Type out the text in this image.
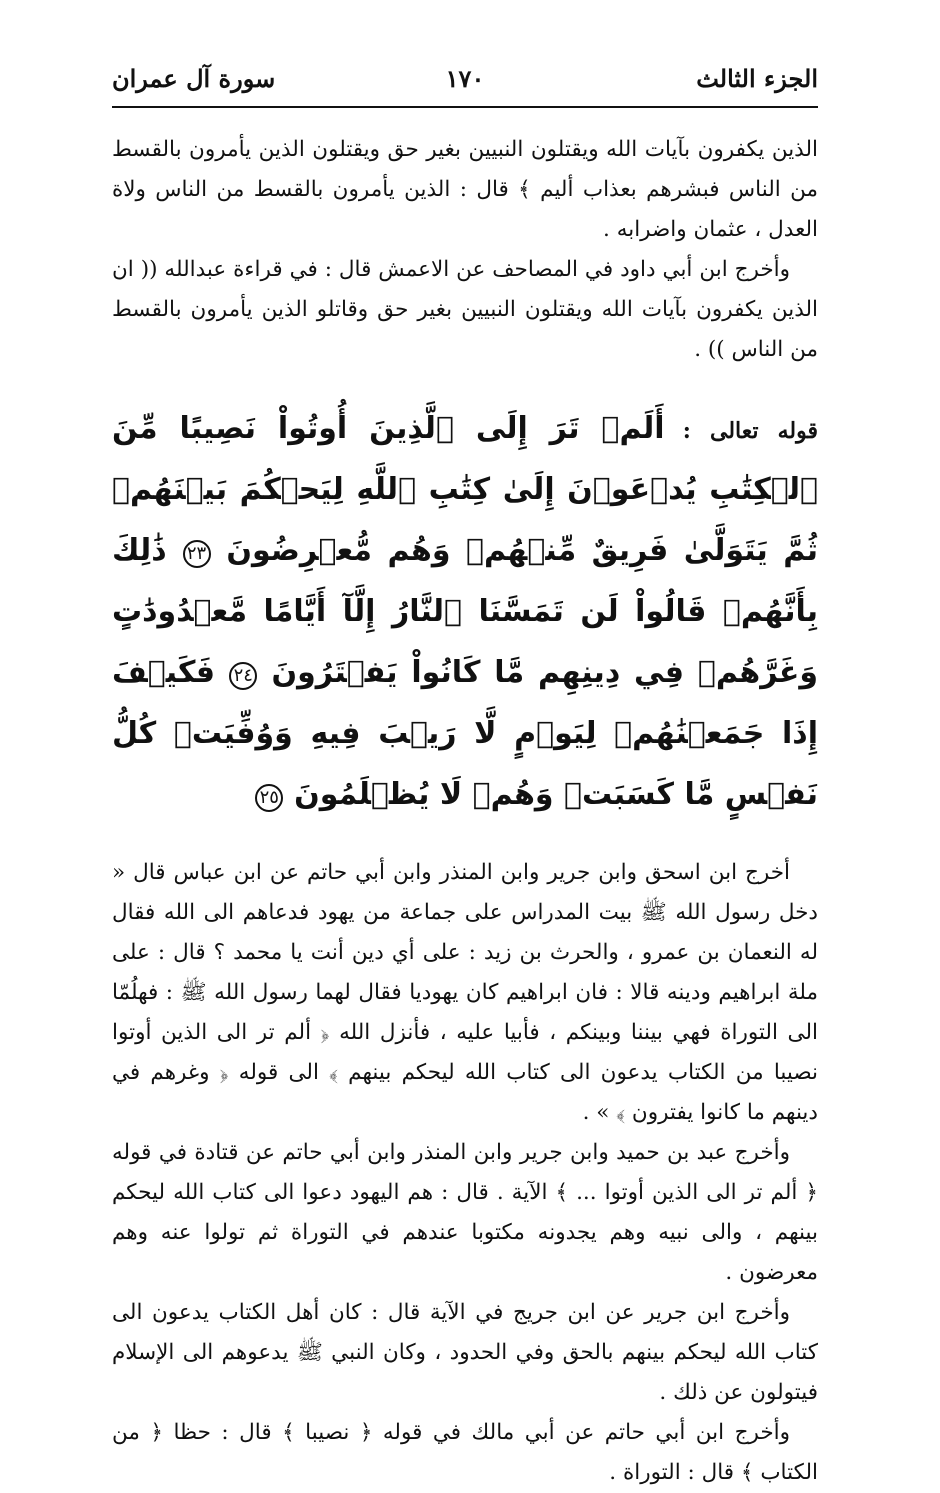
الجزء الثالث
١٧٠
سورة آل عمران

الذين يكفرون بآيات الله ويقتلون النبيين بغير حق ويقتلون الذين يأمرون بالقسط من الناس فبشرهم بعذاب أليم ﴾ قال : الذين يأمرون بالقسط من الناس ولاة العدل ، عثمان واضرابه .

وأخرج ابن أبي داود في المصاحف عن الاعمش قال : في قراءة عبدالله (( ان الذين يكفرون بآيات الله ويقتلون النبيين بغير حق وقاتلو الذين يأمرون بالقسط من الناس )) .

قوله تعالى : أَلَمۡ تَرَ إِلَى ٱلَّذِينَ أُوتُواْ نَصِيبًا مِّنَ ٱلۡكِتَٰبِ يُدۡعَوۡنَ إِلَىٰ كِتَٰبِ ٱللَّهِ لِيَحۡكُمَ بَيۡنَهُمۡ ثُمَّ يَتَوَلَّىٰ فَرِيقٌ مِّنۡهُمۡ وَهُم مُّعۡرِضُونَ ٢٣ ذَٰلِكَ بِأَنَّهُمۡ قَالُواْ لَن تَمَسَّنَا ٱلنَّارُ إِلَّآ أَيَّامًا مَّعۡدُودَٰتٍ وَغَرَّهُمۡ فِي دِينِهِم مَّا كَانُواْ يَفۡتَرُونَ ٢٤ فَكَيۡفَ إِذَا جَمَعۡنَٰهُمۡ لِيَوۡمٍ لَّا رَيۡبَ فِيهِ وَوُفِّيَتۡ كُلُّ نَفۡسٍ مَّا كَسَبَتۡ وَهُمۡ لَا يُظۡلَمُونَ ٢٥

أخرج ابن اسحق وابن جرير وابن المنذر وابن أبي حاتم عن ابن عباس قال « دخل رسول الله ﷺ بيت المدراس على جماعة من يهود فدعاهم الى الله فقال له النعمان بن عمرو ، والحرث بن زيد : على أي دين أنت يا محمد ؟ قال : على ملة ابراهيم ودينه قالا : فان ابراهيم كان يهوديا فقال لهما رسول الله ﷺ : فهلُمّا الى التوراة فهي بيننا وبينكم ، فأبيا عليه ، فأنزل الله ﴿ ألم تر الى الذين أوتوا نصيبا من الكتاب يدعون الى كتاب الله ليحكم بينهم ﴾ الى قوله ﴿ وغرهم في دينهم ما كانوا يفترون ﴾ » .

وأخرج عبد بن حميد وابن جرير وابن المنذر وابن أبي حاتم عن قتادة في قوله ﴿ ألم تر الى الذين أوتوا ... ﴾ الآية . قال : هم اليهود دعوا الى كتاب الله ليحكم بينهم ، والى نبيه وهم يجدونه مكتوبا عندهم في التوراة ثم تولوا عنه وهم معرضون .

وأخرج ابن جرير عن ابن جريج في الآية قال : كان أهل الكتاب يدعون الى كتاب الله ليحكم بينهم بالحق وفي الحدود ، وكان النبي ﷺ يدعوهم الى الإسلام فيتولون عن ذلك .

وأخرج ابن أبي حاتم عن أبي مالك في قوله ﴿ نصيبا ﴾ قال : حظا ﴿ من الكتاب ﴾ قال : التوراة .
